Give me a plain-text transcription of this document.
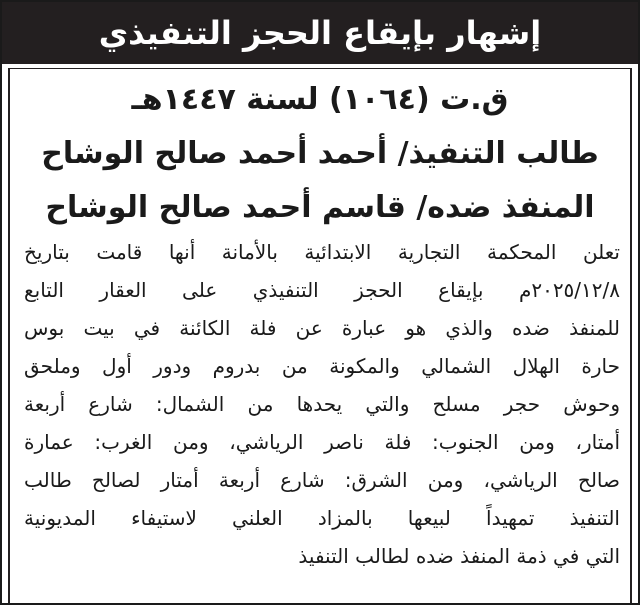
إشهار بإيقاع الحجز التنفيذي
ق.ت (١٠٦٤) لسنة ١٤٤٧هـ
طالب التنفيذ/ أحمد أحمد صالح الوشاح
المنفذ ضده/ قاسم أحمد صالح الوشاح
تعلن المحكمة التجارية الابتدائية بالأمانة أنها قامت بتاريخ
٢٠٢٥/١٢/٨م بإيقاع الحجز التنفيذي على العقار التابع
للمنفذ ضده والذي هو عبارة عن فلة الكائنة في بيت بوس
حارة الهلال الشمالي والمكونة من بدروم ودور أول وملحق
وحوش حجر مسلح والتي يحدها من الشمال: شارع أربعة
أمتار، ومن الجنوب: فلة ناصر الرياشي، ومن الغرب: عمارة
صالح الرياشي، ومن الشرق: شارع أربعة أمتار لصالح طالب
التنفيذ تمهيداً لبيعها بالمزاد العلني لاستيفاء المديونية
التي في ذمة المنفذ ضده لطالب التنفيذ
